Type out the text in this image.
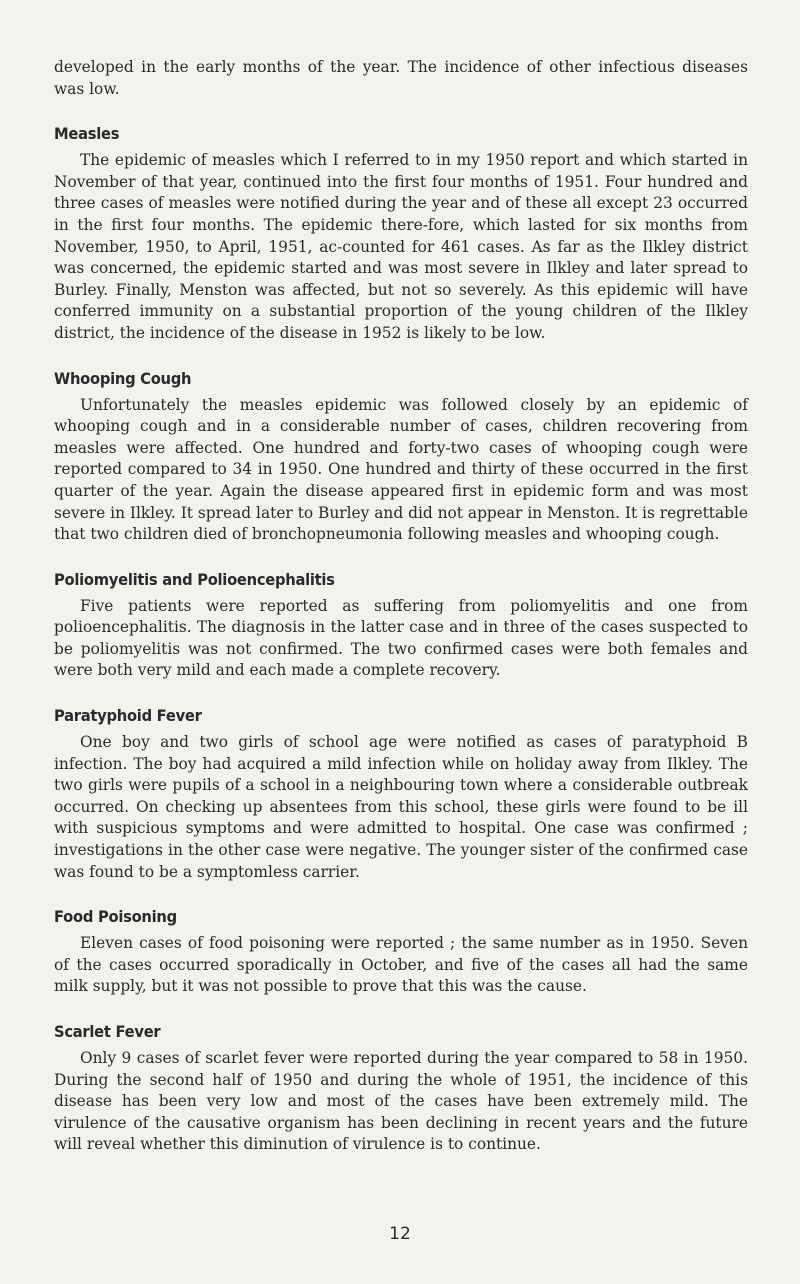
developed in the early months of the year. The incidence of other infectious diseases was low.

Measles

The epidemic of measles which I referred to in my 1950 report and which started in November of that year, continued into the first four months of 1951. Four hundred and three cases of measles were notified during the year and of these all except 23 occurred in the first four months. The epidemic there-fore, which lasted for six months from November, 1950, to April, 1951, ac-counted for 461 cases. As far as the Ilkley district was concerned, the epidemic started and was most severe in Ilkley and later spread to Burley. Finally, Menston was affected, but not so severely. As this epidemic will have conferred immunity on a substantial proportion of the young children of the Ilkley district, the incidence of the disease in 1952 is likely to be low.

Whooping Cough

Unfortunately the measles epidemic was followed closely by an epidemic of whooping cough and in a considerable number of cases, children recovering from measles were affected. One hundred and forty-two cases of whooping cough were reported compared to 34 in 1950. One hundred and thirty of these occurred in the first quarter of the year. Again the disease appeared first in epidemic form and was most severe in Ilkley. It spread later to Burley and did not appear in Menston. It is regrettable that two children died of bronchopneumonia following measles and whooping cough.

Poliomyelitis and Polioencephalitis

Five patients were reported as suffering from poliomyelitis and one from polioencephalitis. The diagnosis in the latter case and in three of the cases suspected to be poliomyelitis was not confirmed. The two confirmed cases were both females and were both very mild and each made a complete recovery.

Paratyphoid Fever

One boy and two girls of school age were notified as cases of paratyphoid B infection. The boy had acquired a mild infection while on holiday away from Ilkley. The two girls were pupils of a school in a neighbouring town where a considerable outbreak occurred. On checking up absentees from this school, these girls were found to be ill with suspicious symptoms and were admitted to hospital. One case was confirmed ; investigations in the other case were negative. The younger sister of the confirmed case was found to be a symptomless carrier.

Food Poisoning

Eleven cases of food poisoning were reported ; the same number as in 1950. Seven of the cases occurred sporadically in October, and five of the cases all had the same milk supply, but it was not possible to prove that this was the cause.

Scarlet Fever

Only 9 cases of scarlet fever were reported during the year compared to 58 in 1950. During the second half of 1950 and during the whole of 1951, the incidence of this disease has been very low and most of the cases have been extremely mild. The virulence of the causative organism has been declining in recent years and the future will reveal whether this diminution of virulence is to continue.

12
